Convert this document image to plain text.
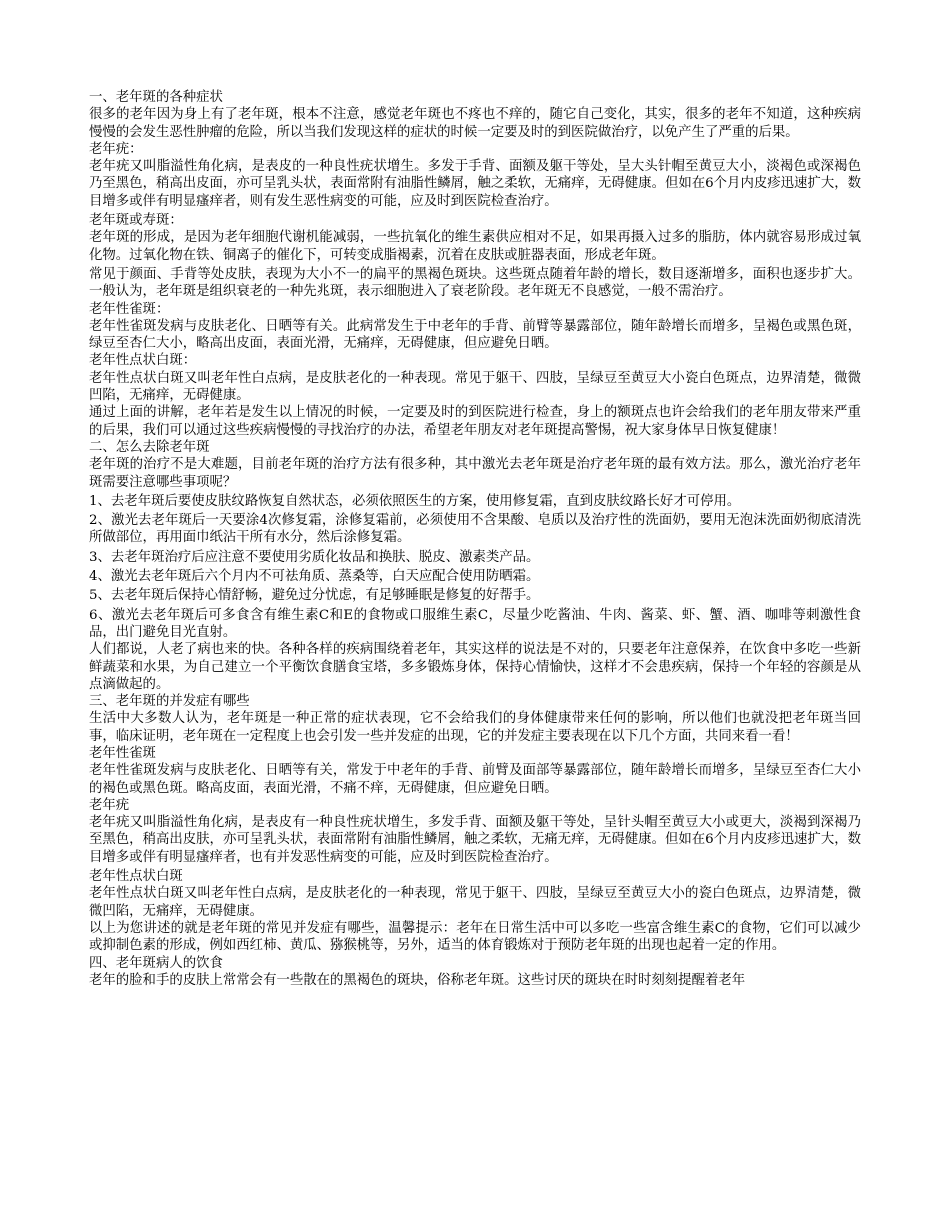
一、老年斑的各种症状

很多的老年因为身上有了老年斑，根本不注意，感觉老年斑也不疼也不痒的，随它自己变化，其实，很多的老年不知道，这种疾病慢慢的会发生恶性肿瘤的危险，所以当我们发现这样的症状的时候一定要及时的到医院做治疗，以免产生了严重的后果。

老年疣：

老年疣又叫脂溢性角化病，是表皮的一种良性疣状增生。多发于手背、面额及躯干等处，呈大头针帽至黄豆大小，淡褐色或深褐色乃至黑色，稍高出皮面，亦可呈乳头状，表面常附有油脂性鳞屑，触之柔软，无痛痒，无碍健康。但如在6个月内皮疹迅速扩大，数目增多或伴有明显瘙痒者，则有发生恶性病变的可能，应及时到医院检查治疗。

老年斑或寿斑：

老年斑的形成，是因为老年细胞代谢机能减弱，一些抗氧化的维生素供应相对不足，如果再摄入过多的脂肪，体内就容易形成过氧化物。过氧化物在铁、铜离子的催化下，可转变成脂褐素，沉着在皮肤或脏器表面，形成老年斑。

常见于颜面、手背等处皮肤，表现为大小不一的扁平的黑褐色斑块。这些斑点随着年龄的增长，数目逐渐增多，面积也逐步扩大。一般认为，老年斑是组织衰老的一种先兆斑，表示细胞进入了衰老阶段。老年斑无不良感觉，一般不需治疗。

老年性雀斑：

老年性雀斑发病与皮肤老化、日晒等有关。此病常发生于中老年的手背、前臂等暴露部位，随年龄增长而增多，呈褐色或黑色斑，绿豆至杏仁大小，略高出皮面，表面光滑，无痛痒，无碍健康，但应避免日晒。

老年性点状白斑：

老年性点状白斑又叫老年性白点病，是皮肤老化的一种表现。常见于躯干、四肢，呈绿豆至黄豆大小瓷白色斑点，边界清楚，微微凹陷，无痛痒，无碍健康。

通过上面的讲解，老年若是发生以上情况的时候，一定要及时的到医院进行检查，身上的额斑点也许会给我们的老年朋友带来严重的后果，我们可以通过这些疾病慢慢的寻找治疗的办法，希望老年朋友对老年斑提高警惕，祝大家身体早日恢复健康！

二、怎么去除老年斑

老年斑的治疗不是大难题，目前老年斑的治疗方法有很多种，其中激光去老年斑是治疗老年斑的最有效方法。那么，激光治疗老年斑需要注意哪些事项呢？

1、去老年斑后要使皮肤纹路恢复自然状态，必须依照医生的方案，使用修复霜，直到皮肤纹路长好才可停用。

2、激光去老年斑后一天要涂4次修复霜，涂修复霜前，必须使用不含果酸、皂质以及治疗性的洗面奶，要用无泡沫洗面奶彻底清洗所做部位，再用面巾纸沾干所有水分，然后涂修复霜。

3、去老年斑治疗后应注意不要使用劣质化妆品和换肤、脱皮、激素类产品。

4、激光去老年斑后六个月内不可祛角质、蒸桑等，白天应配合使用防晒霜。

5、去老年斑后保持心情舒畅，避免过分忧虑，有足够睡眠是修复的好帮手。

6、激光去老年斑后可多食含有维生素C和E的食物或口服维生素C，尽量少吃酱油、牛肉、酱菜、虾、蟹、酒、咖啡等刺激性食品，出门避免目光直射。

人们都说，人老了病也来的快。各种各样的疾病围绕着老年，其实这样的说法是不对的，只要老年注意保养，在饮食中多吃一些新鲜蔬菜和水果，为自己建立一个平衡饮食膳食宝塔，多多锻炼身体，保持心情愉快，这样才不会患疾病，保持一个年轻的容颜是从点滴做起的。

三、老年斑的并发症有哪些

生活中大多数人认为，老年斑是一种正常的症状表现，它不会给我们的身体健康带来任何的影响，所以他们也就没把老年斑当回事，临床证明，老年斑在一定程度上也会引发一些并发症的出现，它的并发症主要表现在以下几个方面，共同来看一看！

老年性雀斑

老年性雀斑发病与皮肤老化、日晒等有关，常发于中老年的手背、前臂及面部等暴露部位，随年龄增长而增多，呈绿豆至杏仁大小的褐色或黑色斑。略高皮面，表面光滑，不痛不痒，无碍健康，但应避免日晒。

老年疣

老年疣又叫脂溢性角化病，是表皮有一种良性疣状增生，多发手背、面额及躯干等处，呈针头帽至黄豆大小或更大，淡褐到深褐乃至黑色，稍高出皮肤，亦可呈乳头状，表面常附有油脂性鳞屑，触之柔软，无痛无痒，无碍健康。但如在6个月内皮疹迅速扩大，数目增多或伴有明显瘙痒者，也有并发恶性病变的可能，应及时到医院检查治疗。

老年性点状白斑

老年性点状白斑又叫老年性白点病，是皮肤老化的一种表现，常见于躯干、四肢，呈绿豆至黄豆大小的瓷白色斑点，边界清楚，微微凹陷，无痛痒，无碍健康。

以上为您讲述的就是老年斑的常见并发症有哪些，温馨提示：老年在日常生活中可以多吃一些富含维生素C的食物，它们可以减少或抑制色素的形成，例如西红柿、黄瓜、猕猴桃等，另外，适当的体育锻炼对于预防老年斑的出现也起着一定的作用。

四、老年斑病人的饮食

老年的脸和手的皮肤上常常会有一些散在的黑褐色的斑块，俗称老年斑。这些讨厌的斑块在时时刻刻提醒着老年
